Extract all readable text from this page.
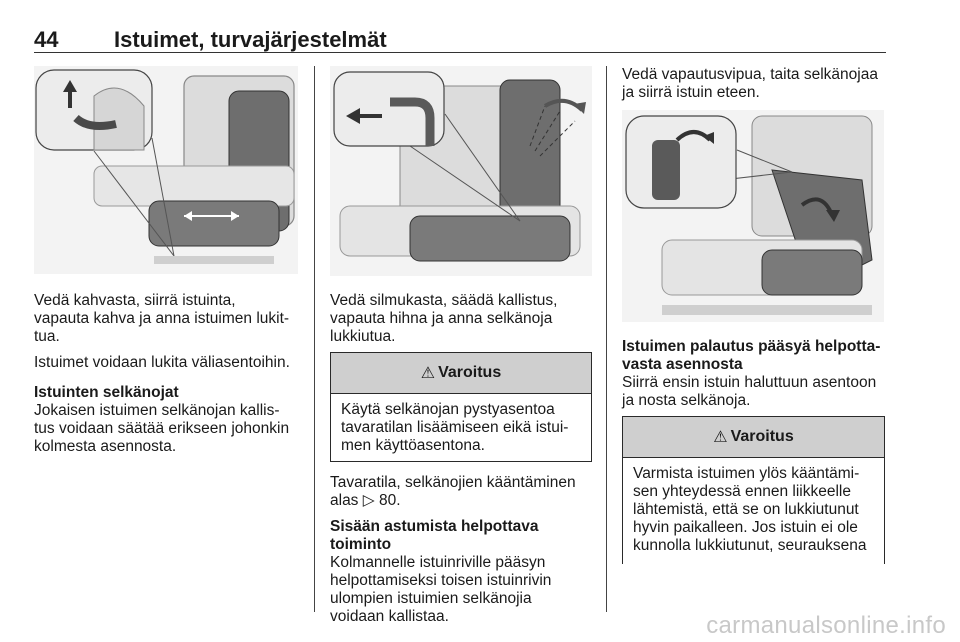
44	Istuimet, turvajärjestelmät

Vedä kahvasta, siirrä istuinta,
vapauta kahva ja anna istuimen lukit-
tua.

Istuimet voidaan lukita väliasentoihin.

Istuinten selkänojat

Jokaisen istuimen selkänojan kallis-
tus voidaan säätää erikseen johonkin
kolmesta asennosta.

Vedä silmukasta, säädä kallistus,
vapauta hihna ja anna selkänoja
lukkiutua.

⚠ Varoitus
Käytä selkänojan pystyasentoa
tavaratilan lisäämiseen eikä istui-
men käyttöasentona.

Tavaratila, selkänojien kääntäminen
alas ▷ 80.

Sisään astumista helpottava toiminto

Kolmannelle istuinriville pääsyn
helpottamiseksi toisen istuinrivin
ulompien istuimien selkänojia
voidaan kallistaa.

Vedä vapautusvipua, taita selkänojaa
ja siirrä istuin eteen.

Istuimen palautus pääsyä helpotta-
vasta asennosta

Siirrä ensin istuin haluttuun asentoon
ja nosta selkänoja.

⚠ Varoitus
Varmista istuimen ylös kääntämi-
sen yhteydessä ennen liikkeelle
lähtemistä, että se on lukkiutunut
hyvin paikalleen. Jos istuin ei ole
kunnolla lukkiutunut, seurauksena
carmanualsonline.info
